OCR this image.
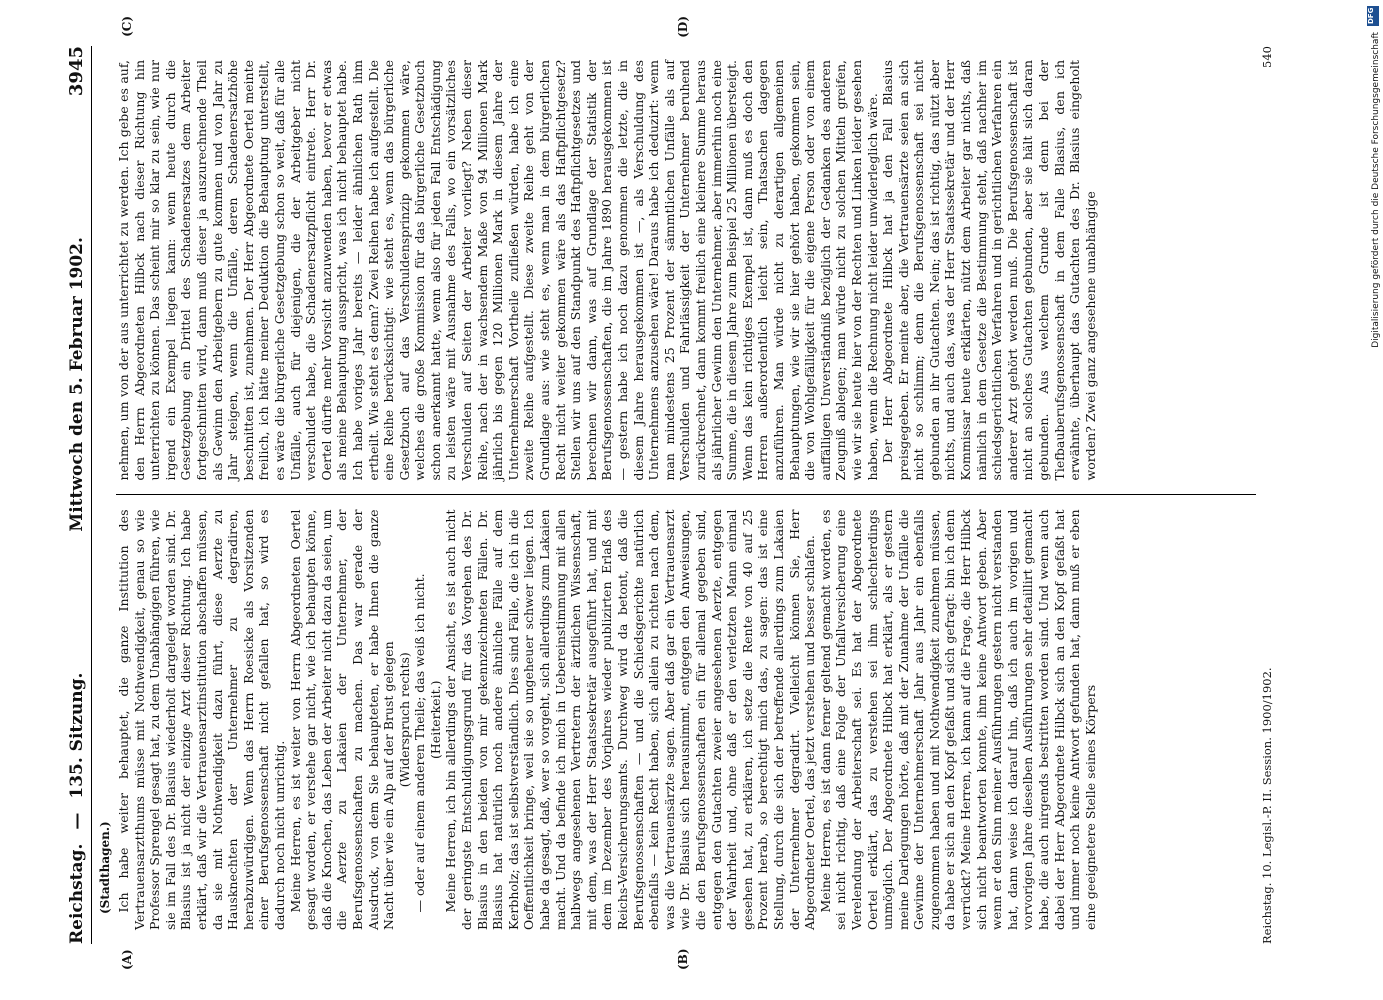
Reichstag.
—
135. Sitzung.
Mittwoch den 5. Februar 1902.
3945
(Stadthagen.)
(A)	(B)
(C)	(D)

Ich habe weiter behauptet, die ganze Institution des Vertrauensarztthums müsse mit Nothwendigkeit, genau so wie Professor Sprengel gesagt hat, zu dem Unabhängigen führen, wie sie im Fall des Dr. Blasius wiederholt dargelegt worden sind. Dr. Blasius ist ja nicht der einzige Arzt dieser Richtung. Ich habe erklärt, daß wir die Vertrauensarztinstitution abschaffen müssen, da sie mit Nothwendigkeit dazu führt, diese Aerzte zu Hausknechten der Unternehmer zu degradiren, herabzuwürdigen. Wenn das Herrn Roesicke als Vorsitzenden einer Berufsgenossenschaft nicht gefallen hat, so wird es dadurch noch nicht unrichtig. Meine Herren, es ist weiter von Herrn Abgeordneten Oertel gesagt worden, er verstehe gar nicht, wie ich behaupten könne, daß die Knochen, das Leben der Arbeiter nicht dazu da seien, um die Aerzte zu Lakaien der Unternehmer, der Berufsgenossenschaften zu machen. Das war gerade der Ausdruck, von dem Sie behaupteten, er habe Ihnen die ganze Nacht über wie ein Alp auf der Brust gelegen (Widerspruch rechts) — oder auf einem anderen Theile; das weiß ich nicht. (Heiterkeit.) Meine Herren, ich bin allerdings der Ansicht, es ist auch nicht der geringste Entschuldigungsgrund für das Vorgehen des Dr. Blasius in den beiden von mir gekennzeichneten Fällen. Dr. Blasius hat natürlich noch andere ähnliche Fälle auf dem Kerbholz; das ist selbstverständlich. Dies sind Fälle, die ich in die Oeffentlichkeit bringe, weil sie so ungeheuer schwer liegen. Ich habe da gesagt, daß, wer so vorgeht, sich allerdings zum Lakaien macht. Und da befinde ich mich in Uebereinstimmung mit allen halbwegs angesehenen Vertretern der ärztlichen Wissenschaft, mit dem, was der Herr Staatssekretär ausgeführt hat, und mit dem im Dezember des Vorjahres wieder publizirten Erlaß des Reichs-Versicherungsamts. Durchweg wird da betont, daß die Berufsgenossenschaften — und die Schiedsgerichte natürlich ebenfalls — kein Recht haben, sich allein zu richten nach dem, was die Vertrauensärzte sagen. Aber daß gar ein Vertrauensarzt wie Dr. Blasius sich herausnimmt, entgegen den Anweisungen, die den Berufsgenossenschaften ein für allemal gegeben sind, entgegen den Gutachten zweier angesehenen Aerzte, entgegen der Wahrheit und, ohne daß er den verletzten Mann einmal gesehen hat, zu erklären, ich setze die Rente von 40 auf 25 Prozent herab, so berechtigt mich das, zu sagen: das ist eine Stellung, durch die sich der betreffende allerdings zum Lakaien der Unternehmer degradirt. Vielleicht können Sie, Herr Abgeordneter Oertel, das jetzt verstehen und besser schlafen. Meine Herren, es ist dann ferner geltend gemacht worden, es sei nicht richtig, daß eine Folge der Unfallversicherung eine Verelendung der Arbeiterschaft sei. Es hat der Abgeordnete Oertel erklärt, das zu verstehen sei ihm schlechterdings unmöglich. Der Abgeordnete Hilbck hat erklärt, als er gestern meine Darlegungen hörte, daß mit der Zunahme der Unfälle die Gewinne der Unternehmerschaft Jahr aus Jahr ein ebenfalls zugenommen haben und mit Nothwendigkeit zunehmen müssen, da habe er sich an den Kopf gefaßt und sich gefragt: bin ich denn verrückt? Meine Herren, ich kann auf die Frage, die Herr Hilbck sich nicht beantworten konnte, ihm keine Antwort geben. Aber wenn er den Sinn meiner Ausführungen gestern nicht verstanden hat, dann weise ich darauf hin, daß ich auch im vorigen und vorvorigen Jahre dieselben Ausführungen sehr detaillirt gemacht habe, die auch nirgends bestritten worden sind. Und wenn auch dabei der Herr Abgeordnete Hilbck sich an den Kopf gefaßt hat und immer noch keine Antwort gefunden hat, dann muß er eben eine geeignetere Stelle seines Körpers

nehmen, um von der aus unterrichtet zu werden. Ich gebe es auf, den Herrn Abgeordneten Hilbck nach dieser Richtung hin unterrichten zu können. Das scheint mir so klar zu sein, wie nur irgend ein Exempel liegen kann: wenn heute durch die Gesetzgebung ein Drittel des Schadenersatzes dem Arbeiter fortgeschnitten wird, dann muß dieser ja auszurechnende Theil als Gewinn den Arbeitgebern zu gute kommen und von Jahr zu Jahr steigen, wenn die Unfälle, deren Schadenersatzhöhe beschnitten ist, zunehmen. Der Herr Abgeordnete Oertel meinte freilich, ich hätte meiner Deduktion die Behauptung unterstellt, es wäre die bürgerliche Gesetzgebung schon so weit, daß für alle Unfälle, auch für diejenigen, die der Arbeitgeber nicht verschuldet habe, die Schadenersatzpflicht eintrete. Herr Dr. Oertel dürfte mehr Vorsicht anzuwenden haben, bevor er etwas als meine Behauptung ausspricht, was ich nicht behauptet habe. Ich habe voriges Jahr bereits — leider ähnlichen Rath ihm ertheilt. Wie steht es denn? Zwei Reihen habe ich aufgestellt. Die eine Reihe berücksichtigt: wie steht es, wenn das bürgerliche Gesetzbuch auf das Verschuldensprinzip gekommen wäre, welches die große Kommission für das bürgerliche Gesetzbuch schon anerkannt hatte, wenn also für jeden Fall Entschädigung zu leisten wäre mit Ausnahme des Falls, wo ein vorsätzliches Verschulden auf Seiten der Arbeiter vorliegt? Neben dieser Reihe, nach der in wachsendem Maße von 94 Millionen Mark jährlich bis gegen 120 Millionen Mark in diesem Jahre der Unternehmerschaft Vortheile zufließen würden, habe ich eine zweite Reihe aufgestellt. Diese zweite Reihe geht von der Grundlage aus: wie steht es, wenn man in dem bürgerlichen Recht nicht weiter gekommen wäre als das Haftpflichtgesetz? Stellen wir uns auf den Standpunkt des Haftpflichtgesetzes und berechnen wir dann, was auf Grundlage der Statistik der Berufsgenossenschaften, die im Jahre 1890 herausgekommen ist — gestern habe ich noch dazu genommen die letzte, die in diesem Jahre herausgekommen ist —, als Verschuldung des Unternehmens anzusehen wäre! Daraus habe ich deduzirt: wenn man mindestens 25 Prozent der sämmtlichen Unfälle als auf Verschulden und Fahrlässigkeit der Unternehmer beruhend zurückrechnet, dann kommt freilich eine kleinere Summe heraus als jährlicher Gewinn den Unternehmer, aber immerhin noch eine Summe, die in diesem Jahre zum Beispiel 25 Millionen übersteigt. Wenn das kein richtiges Exempel ist, dann muß es doch den Herren außerordentlich leicht sein, Thatsachen dagegen anzuführen. Man würde nicht zu derartigen allgemeinen Behauptungen, wie wir sie hier gehört haben, gekommen sein, die von Wohlgefälligkeit für die eigene Person oder von einem auffälligen Unverständniß bezüglich der Gedanken des anderen Zeugniß ablegen; man würde nicht zu solchen Mitteln greifen, wie wir sie heute hier von der Rechten und Linken leider gesehen haben, wenn die Rechnung nicht leider unwiderleglich wäre. Der Herr Abgeordnete Hilbck hat ja den Fall Blasius preisgegeben. Er meinte aber, die Vertrauensärzte seien an sich nicht so schlimm; denn die Berufsgenossenschaft sei nicht gebunden an ihr Gutachten. Nein; das ist richtig, das nützt aber nichts, und auch das, was der Herr Staatssekretär und der Herr Kommissar heute erklärten, nützt dem Arbeiter gar nichts, daß nämlich in dem Gesetze die Bestimmung steht, daß nachher im schiedsgerichtlichen Verfahren und in gerichtlichen Verfahren ein anderer Arzt gehört werden muß. Die Berufsgenossenschaft ist nicht an solches Gutachten gebunden, aber sie hält sich daran gebunden. Aus welchem Grunde ist denn bei der Tiefbauberufsgenossenschaft in dem Falle Blasius, den ich erwähnte, überhaupt das Gutachten des Dr. Blasius eingeholt worden? Zwei ganz angesehene unabhängige

Reichstag. 10. Legisl.-P. II. Session. 1900/1902.
540
DFG
Digitalisierung gefördert durch die Deutsche Forschungsgemeinschaft
